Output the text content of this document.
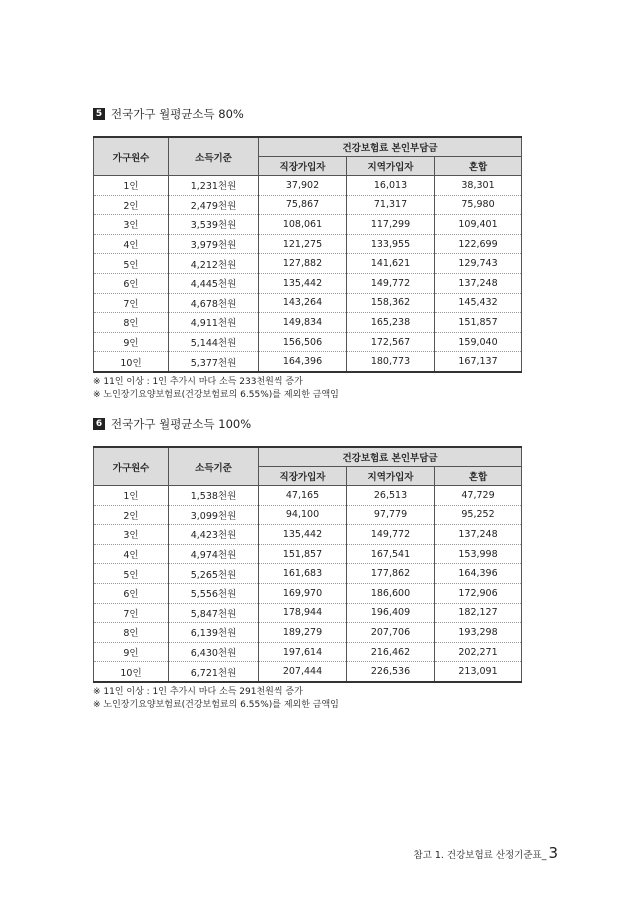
5 전국가구 월평균소득 80%
가구원수	소득기준	건강보험료 본인부담금		
		직장가입자	지역가입자	혼합
1인	1,231천원	37,902	16,013	38,301
2인	2,479천원	75,867	71,317	75,980
3인	3,539천원	108,061	117,299	109,401
4인	3,979천원	121,275	133,955	122,699
5인	4,212천원	127,882	141,621	129,743
6인	4,445천원	135,442	149,772	137,248
7인	4,678천원	143,264	158,362	145,432
8인	4,911천원	149,834	165,238	151,857
9인	5,144천원	156,506	172,567	159,040
10인	5,377천원	164,396	180,773	167,137
※ 11인 이상 : 1인 추가시 마다 소득 233천원씩 증가
※ 노인장기요양보험료(건강보험료의 6.55%)를 제외한 금액임
6 전국가구 월평균소득 100%
가구원수	소득기준	건강보험료 본인부담금		
		직장가입자	지역가입자	혼합
1인	1,538천원	47,165	26,513	47,729
2인	3,099천원	94,100	97,779	95,252
3인	4,423천원	135,442	149,772	137,248
4인	4,974천원	151,857	167,541	153,998
5인	5,265천원	161,683	177,862	164,396
6인	5,556천원	169,970	186,600	172,906
7인	5,847천원	178,944	196,409	182,127
8인	6,139천원	189,279	207,706	193,298
9인	6,430천원	197,614	216,462	202,271
10인	6,721천원	207,444	226,536	213,091
※ 11인 이상 : 1인 추가시 마다 소득 291천원씩 증가
※ 노인장기요양보험료(건강보험료의 6.55%)를 제외한 금액임
참고 1. 건강보험료 산정기준표 _ 3
